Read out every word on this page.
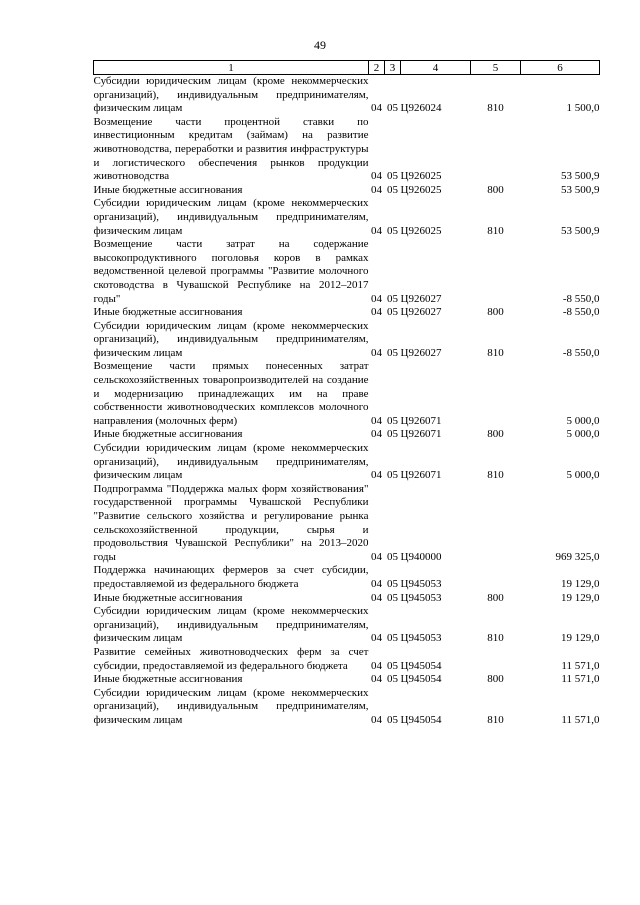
49
1	2	3	4	5	6
Субсидии юридическим лицам (кроме некоммерческих организаций), индивидуальным предпринимателям, физическим лицам	04	05	Ц926024	810	1 500,0
Возмещение части процентной ставки по инвестиционным кредитам (займам) на развитие животноводства, переработки и развития инфраструктуры и логистического обеспечения рынков продукции животноводства	04	05	Ц926025		53 500,9
Иные бюджетные ассигнования	04	05	Ц926025	800	53 500,9
Субсидии юридическим лицам (кроме некоммерческих организаций), индивидуальным предпринимателям, физическим лицам	04	05	Ц926025	810	53 500,9
Возмещение части затрат на содержание высокопродуктивного поголовья коров в рамках ведомственной целевой программы "Развитие молочного скотоводства в Чувашской Республике на 2012–2017 годы"	04	05	Ц926027		-8 550,0
Иные бюджетные ассигнования	04	05	Ц926027	800	-8 550,0
Субсидии юридическим лицам (кроме некоммерческих организаций), индивидуальным предпринимателям, физическим лицам	04	05	Ц926027	810	-8 550,0
Возмещение части прямых понесенных затрат сельскохозяйственных товаропроизводителей на создание и модернизацию принадлежащих им на праве собственности животноводческих комплексов молочного направления (молочных ферм)	04	05	Ц926071		5 000,0
Иные бюджетные ассигнования	04	05	Ц926071	800	5 000,0
Субсидии юридическим лицам (кроме некоммерческих организаций), индивидуальным предпринимателям, физическим лицам	04	05	Ц926071	810	5 000,0
Подпрограмма "Поддержка малых форм хозяйствования" государственной программы Чувашской Республики "Развитие сельского хозяйства и регулирование рынка сельскохозяйственной продукции, сырья и продовольствия Чувашской Республики" на 2013–2020 годы	04	05	Ц940000		969 325,0
Поддержка начинающих фермеров за счет субсидии, предоставляемой из федерального бюджета	04	05	Ц945053		19 129,0
Иные бюджетные ассигнования	04	05	Ц945053	800	19 129,0
Субсидии юридическим лицам (кроме некоммерческих организаций), индивидуальным предпринимателям, физическим лицам	04	05	Ц945053	810	19 129,0
Развитие семейных животноводческих ферм за счет субсидии, предоставляемой из федерального бюджета	04	05	Ц945054		11 571,0
Иные бюджетные ассигнования	04	05	Ц945054	800	11 571,0
Субсидии юридическим лицам (кроме некоммерческих организаций), индивидуальным предпринимателям, физическим лицам	04	05	Ц945054	810	11 571,0
